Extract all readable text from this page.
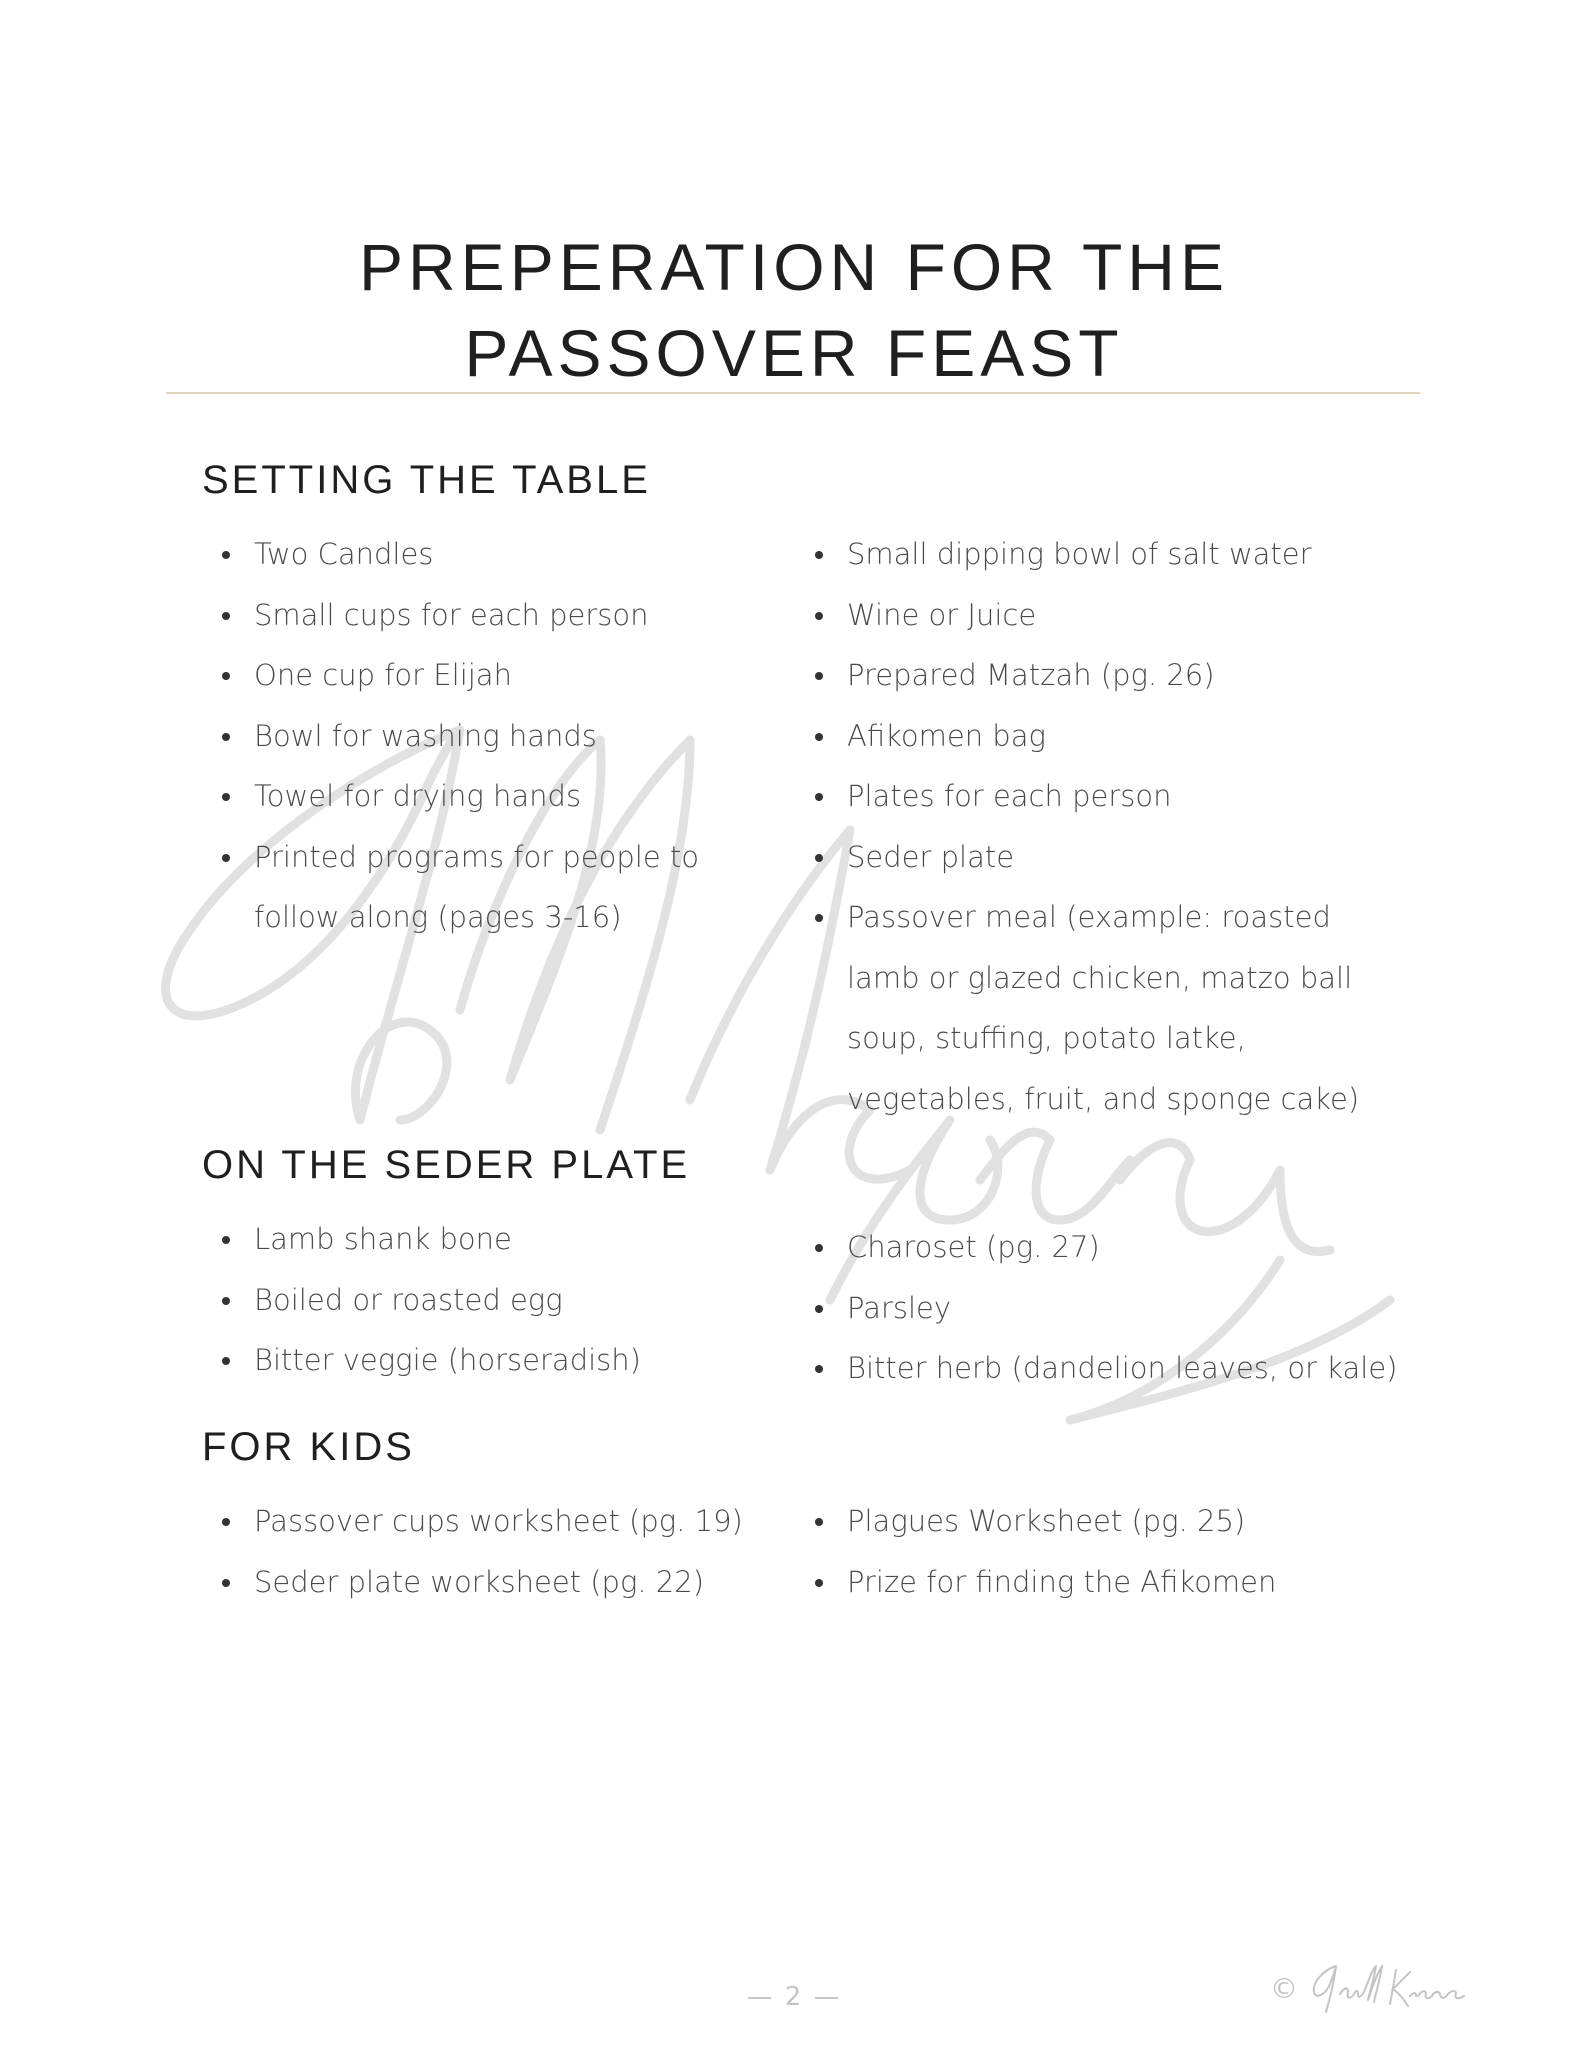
PREPERATION FOR THE
PASSOVER FEAST
SETTING THE TABLE
Two Candles
Small cups for each person
One cup for Elijah
Bowl for washing hands
Towel for drying hands
Printed programs for people to follow along (pages 3-16)
Small dipping bowl of salt water
Wine or Juice
Prepared Matzah (pg. 26)
Afikomen bag
Plates for each person
Seder plate
Passover meal (example: roasted lamb or glazed chicken, matzo ball soup, stuffing, potato latke, vegetables, fruit, and sponge cake)
ON THE SEDER PLATE
Lamb shank bone
Boiled or roasted egg
Bitter veggie (horseradish)
Charoset (pg. 27)
Parsley
Bitter herb (dandelion leaves, or kale)
FOR KIDS
Passover cups worksheet (pg. 19)
Seder plate worksheet (pg. 22)
Plagues Worksheet (pg. 25)
Prize for finding the Afikomen
— 2 —	©
